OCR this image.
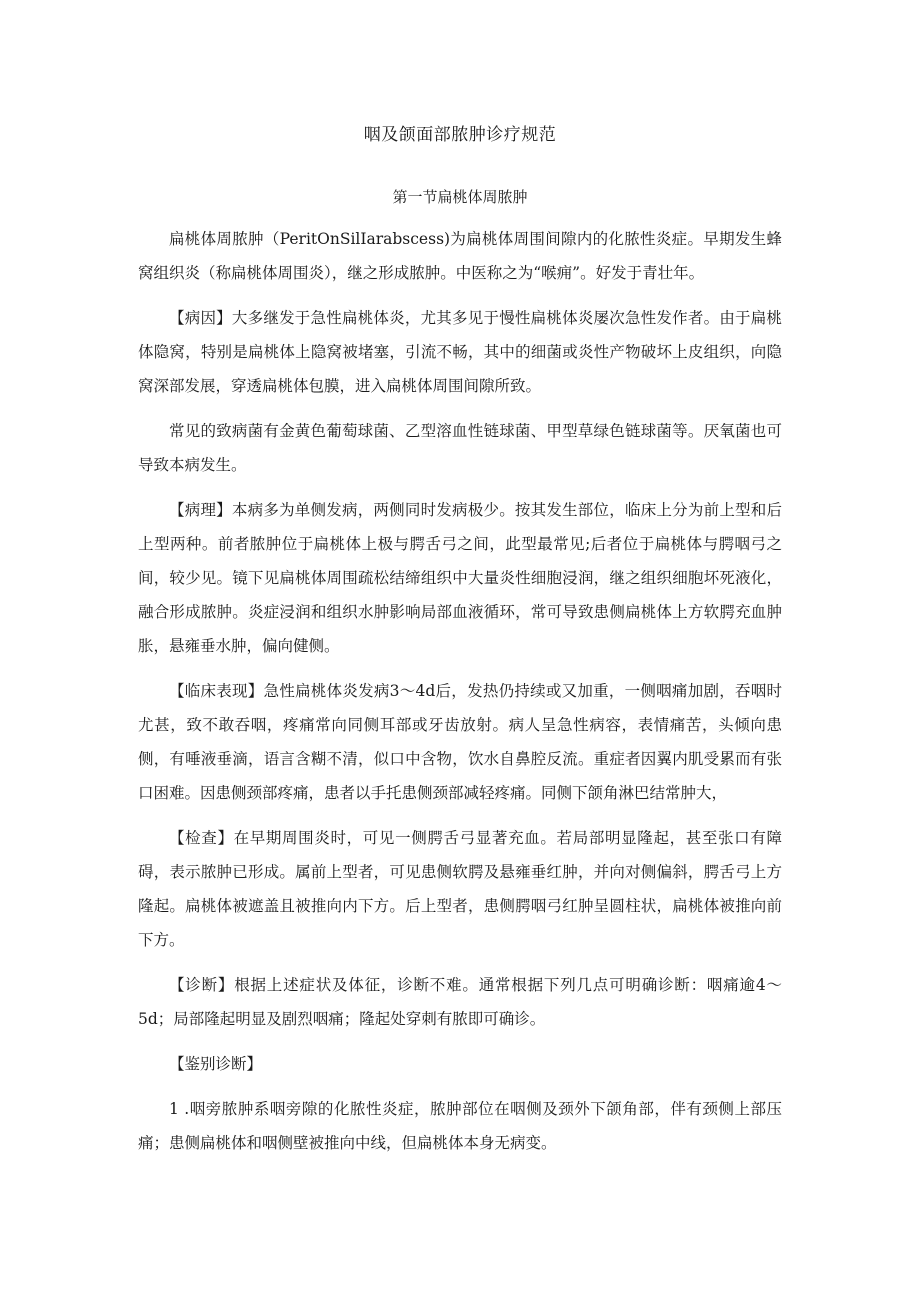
咽及颌面部脓肿诊疗规范
第一节扁桃体周脓肿

扁桃体周脓肿（PeritOnSilIarabscess)为扁桃体周围间隙内的化脓性炎症。早期发生蜂窝组织炎（称扁桃体周围炎），继之形成脓肿。中医称之为“喉痈”。好发于青壮年。

【病因】大多继发于急性扁桃体炎，尤其多见于慢性扁桃体炎屡次急性发作者。由于扁桃体隐窝，特别是扁桃体上隐窝被堵塞，引流不畅，其中的细菌或炎性产物破坏上皮组织，向隐窝深部发展，穿透扁桃体包膜，进入扁桃体周围间隙所致。

常见的致病菌有金黄色葡萄球菌、乙型溶血性链球菌、甲型草绿色链球菌等。厌氧菌也可导致本病发生。

【病理】本病多为单侧发病，两侧同时发病极少。按其发生部位，临床上分为前上型和后上型两种。前者脓肿位于扁桃体上极与腭舌弓之间，此型最常见;后者位于扁桃体与腭咽弓之间，较少见。镜下见扁桃体周围疏松结缔组织中大量炎性细胞浸润，继之组织细胞坏死液化，融合形成脓肿。炎症浸润和组织水肿影响局部血液循环，常可导致患侧扁桃体上方软腭充血肿胀，悬雍垂水肿，偏向健侧。

【临床表现】急性扁桃体炎发病3～4d后，发热仍持续或又加重，一侧咽痛加剧，吞咽时尤甚，致不敢吞咽，疼痛常向同侧耳部或牙齿放射。病人呈急性病容，表情痛苦，头倾向患侧，有唾液垂滴，语言含糊不清，似口中含物，饮水自鼻腔反流。重症者因翼内肌受累而有张口困难。因患侧颈部疼痛，患者以手托患侧颈部减轻疼痛。同侧下颌角淋巴结常肿大，

【检查】在早期周围炎时，可见一侧腭舌弓显著充血。若局部明显隆起，甚至张口有障碍，表示脓肿已形成。属前上型者，可见患侧软腭及悬雍垂红肿，并向对侧偏斜，腭舌弓上方隆起。扁桃体被遮盖且被推向内下方。后上型者，患侧腭咽弓红肿呈圆柱状，扁桃体被推向前下方。

【诊断】根据上述症状及体征，诊断不难。通常根据下列几点可明确诊断：咽痛逾4～5d；局部隆起明显及剧烈咽痛；隆起处穿刺有脓即可确诊。

【鉴别诊断】

1 .咽旁脓肿系咽旁隙的化脓性炎症，脓肿部位在咽侧及颈外下颌角部，伴有颈侧上部压痛；患侧扁桃体和咽侧壁被推向中线，但扁桃体本身无病变。
